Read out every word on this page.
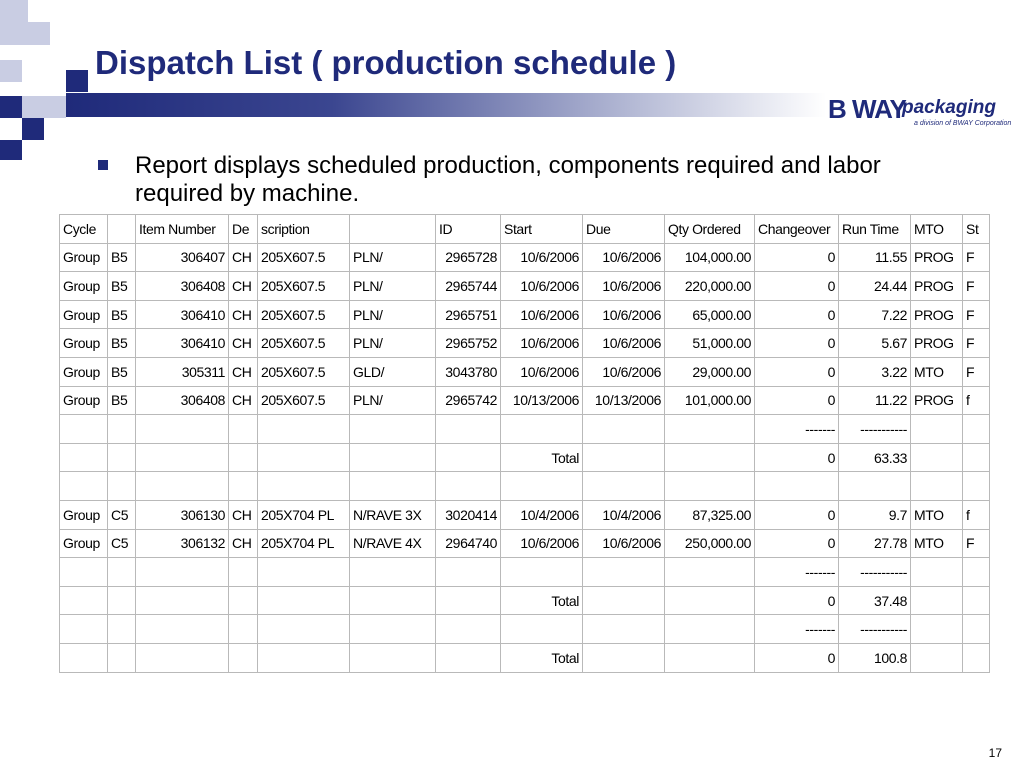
Dispatch List ( production schedule )
B WAY
packaging
a division of BWAY Corporation
Report displays scheduled production, components required and labor required by machine.
Cycle		Item Number	De	scription		ID	Start	Due	Qty Ordered	Changeover	Run Time	MTO	St
Group	B5	306407	CH	205X607.5	PLN/	2965728	10/6/2006	10/6/2006	104,000.00	0	11.55	PROG	F
Group	B5	306408	CH	205X607.5	PLN/	2965744	10/6/2006	10/6/2006	220,000.00	0	24.44	PROG	F
Group	B5	306410	CH	205X607.5	PLN/	2965751	10/6/2006	10/6/2006	65,000.00	0	7.22	PROG	F
Group	B5	306410	CH	205X607.5	PLN/	2965752	10/6/2006	10/6/2006	51,000.00	0	5.67	PROG	F
Group	B5	305311	CH	205X607.5	GLD/	3043780	10/6/2006	10/6/2006	29,000.00	0	3.22	MTO	F
Group	B5	306408	CH	205X607.5	PLN/	2965742	10/13/2006	10/13/2006	101,000.00	0	11.22	PROG	f
										-------	-----------		
							Total			0	63.33		

Group	C5	306130	CH	205X704 PL	N/RAVE 3X	3020414	10/4/2006	10/4/2006	87,325.00	0	9.7	MTO	f
Group	C5	306132	CH	205X704 PL	N/RAVE 4X	2964740	10/6/2006	10/6/2006	250,000.00	0	27.78	MTO	F
										-------	-----------		
							Total			0	37.48		
										-------	-----------		
							Total			0	100.8		
17
